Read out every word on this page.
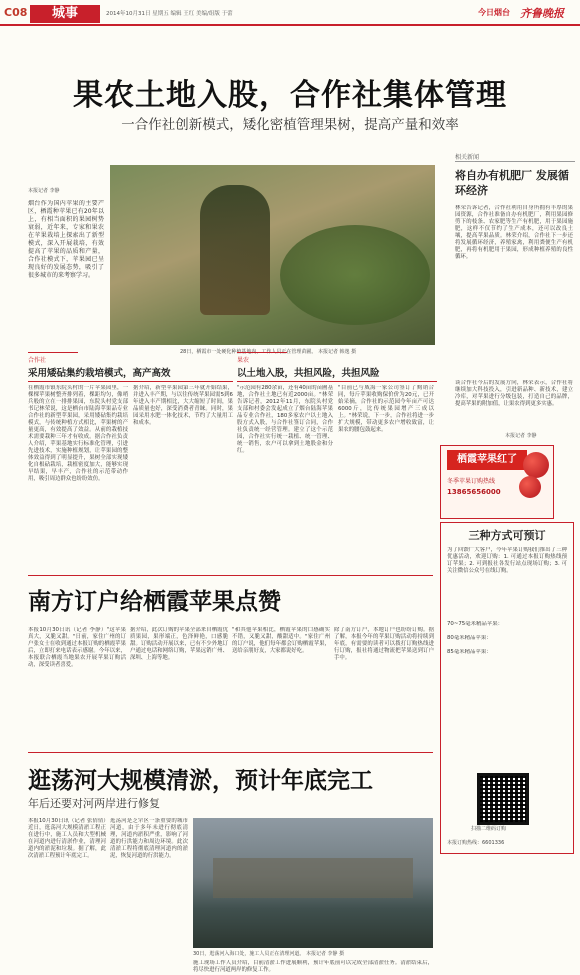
C08	城事	2014年10月31日 星期五 编辑 王红 美编/组版 于蕾	今日烟台 齐鲁晚报
果农土地入股，合作社集体管理
一合作社创新模式，矮化密植管理果树，提高产量和效率
本报记者 李静
烟台作为国内苹果的主要产区，栖霞种苹果已有20年以上，有相当面积的果园树势衰弱，近年来，专家和果农在苹果栽培上探索出了新型模式，深入开展栽培，有效提高了苹果的品质和产量，合作社模式下，苹果园已呈现良好的发展态势，吸引了很多城市的来考察学习。
28日，栖霞市一处硬化种植基地内，工作人员正在管理苗圃。 本报记者 韩逸 摄
合作社
采用矮砧集约栽培模式，高产高效
在栖霞市镇东院头村的一片苹果园里，一棵棵苹果树整齐排列着，棵距均匀，像哨兵般的立在一排排果园，东院头村党支部书记林荣说，这是栖台市陆海苹果品专业合作社的新型苹果园，采用矮砧集约栽培模式，与传统种植方式相比，苹果树的产量更高，有效提高了效益。从前的栽植技术需要栽种三年才有收成。据合作社负责人介绍，苹果基地实行标准化管理，引进先进技术，实施种植规划，让苹果园的整体效益得到了明显提升，果树全部实现矮化自根砧栽培，栽植密度加大，能够实现早结果，早丰产，合作社的示范带动作用，吸引周边群众也纷纷效仿。
据介绍，新型苹果园第三年就开始结果，并进入丰产期，与以往传统苹果园需5到6年进入丰产期相比，大大缩短了时间，果品质量也好，深受消费者青睐。同时，果园采用水肥一体化技术，节约了大量用工和成本。
果农
以土地入股，共担风险，共担风险
"示范园有280余亩，还有40亩的苗圃基地，合作社土地已有近2000亩。"林荣告诉记者，2012年11月，东院头村党支部和村委会发起成立了烟台陆海苹果品专业合作社，180多家农户以土地入股方式入股，与合作社签订合同，合作社负责统一经营管理。建立了这个示范园，合作社实行统一栽植、统一管理、统一销售，农户可以拿到土地股金和分红。
"目前已与威海一家公司签订了购销合同，每斤苹果收购保价价为20元，已开始采摘，合作社的示范园今年亩产可达6000斤，比传统果园增产三成以上。"林荣说，下一步，合作社将进一步扩大规模，带动更多农户增收致富，让果农的腰包鼓起来。
相关新闻
将自办有机肥厂 发展循环经济
林荣告诉记者，合作社利用自身所拥有丰厚的果园资源，合作社准备自办有机肥厂，利用果园修剪下的枝条、农家肥等生产有机肥，用于果园施肥，这样不仅节约了生产成本，还可以改良土壤，提高苹果品质。林荣介绍，合作社下一步还将发展循环经济，养殖家禽，利用粪便生产有机肥，再将有机肥用于果园，形成种植养殖的良性循环。
谈合作社今后的发展方向，林荣表示，合作社将继续加大科技投入，引进新品种、新技术，建立冷库，对苹果进行分级包装，打造自己的品牌，提高苹果的附加值，让果农得到更多实惠。
本报记者 李静
栖霞苹果红了
冬季苹果订购热线
13865656000
三种方式可预订
为了回馈广大客户，今年苹果订购我们推出了三种优惠活动，欢迎订购：1. 可通过本报订购热线预订苹果；2. 可到报社各发行站点现场订购；3. 可关注微信公众号在线订购。
70~75毫米精品苹果：
80毫米精品苹果：
85毫米精品苹果：
扫描二维码订购
本报订购热线：6601336
南方订户给栖霞苹果点赞
本报10月30日讯（记者 李静）"这苹果真大，又脆又甜。"日前，家住广州的订户张女士在收到通过本报订购的栖霞苹果后，立即打来电话表示感谢。今年以来，本报联合栖霞当地果农开展苹果订购活动，深受读者喜爱。
据介绍，此次订购的苹果全部来自栖霞优质果园，果形端正，色泽鲜艳，口感脆甜。订购活动开展以来，已有不少外地订户通过电话和网络订购，苹果远销广州、深圳、上海等地。
"和其他苹果相比，栖霞苹果的口感确实不错，又脆又甜，酸甜适中。"家住广州的订户说，他们每年都会订购栖霞苹果，送给亲朋好友，大家都说好吃。
除了南方订户，本地订户也纷纷订购。据了解，本报今年的苹果订购活动将持续到年底，有需要的读者可以拨打订购热线进行订购，报社将通过物流把苹果送到订户手中。
逛荡河大规模清淤，预计年底完工
年后还要对河两岸进行修复
本报10月30日讯（记者 张倩倩）近日，逛荡河大规模清淤工程正在进行中，施工人员和大型机械在河道内进行清淤作业，清理河道内的淤泥和垃圾。据了解，此次清淤工程预计年底完工。
逛荡河是芝罘区一条重要的城市河道，由于多年未进行彻底清理，河道内淤积严重，影响了河道的行洪能力和周边环境。此次清淤工程将彻底清理河道内的淤泥，恢复河道的行洪能力。
30日，逛荡河入海口处，施工人员正在清理河道。 本报记者 李静 摄
施工现场工作人员介绍，目前清淤工作进展顺利，预计年底前可以完成全部清淤任务。清淤结束后，将尽快进行河道两岸的修复工作。
